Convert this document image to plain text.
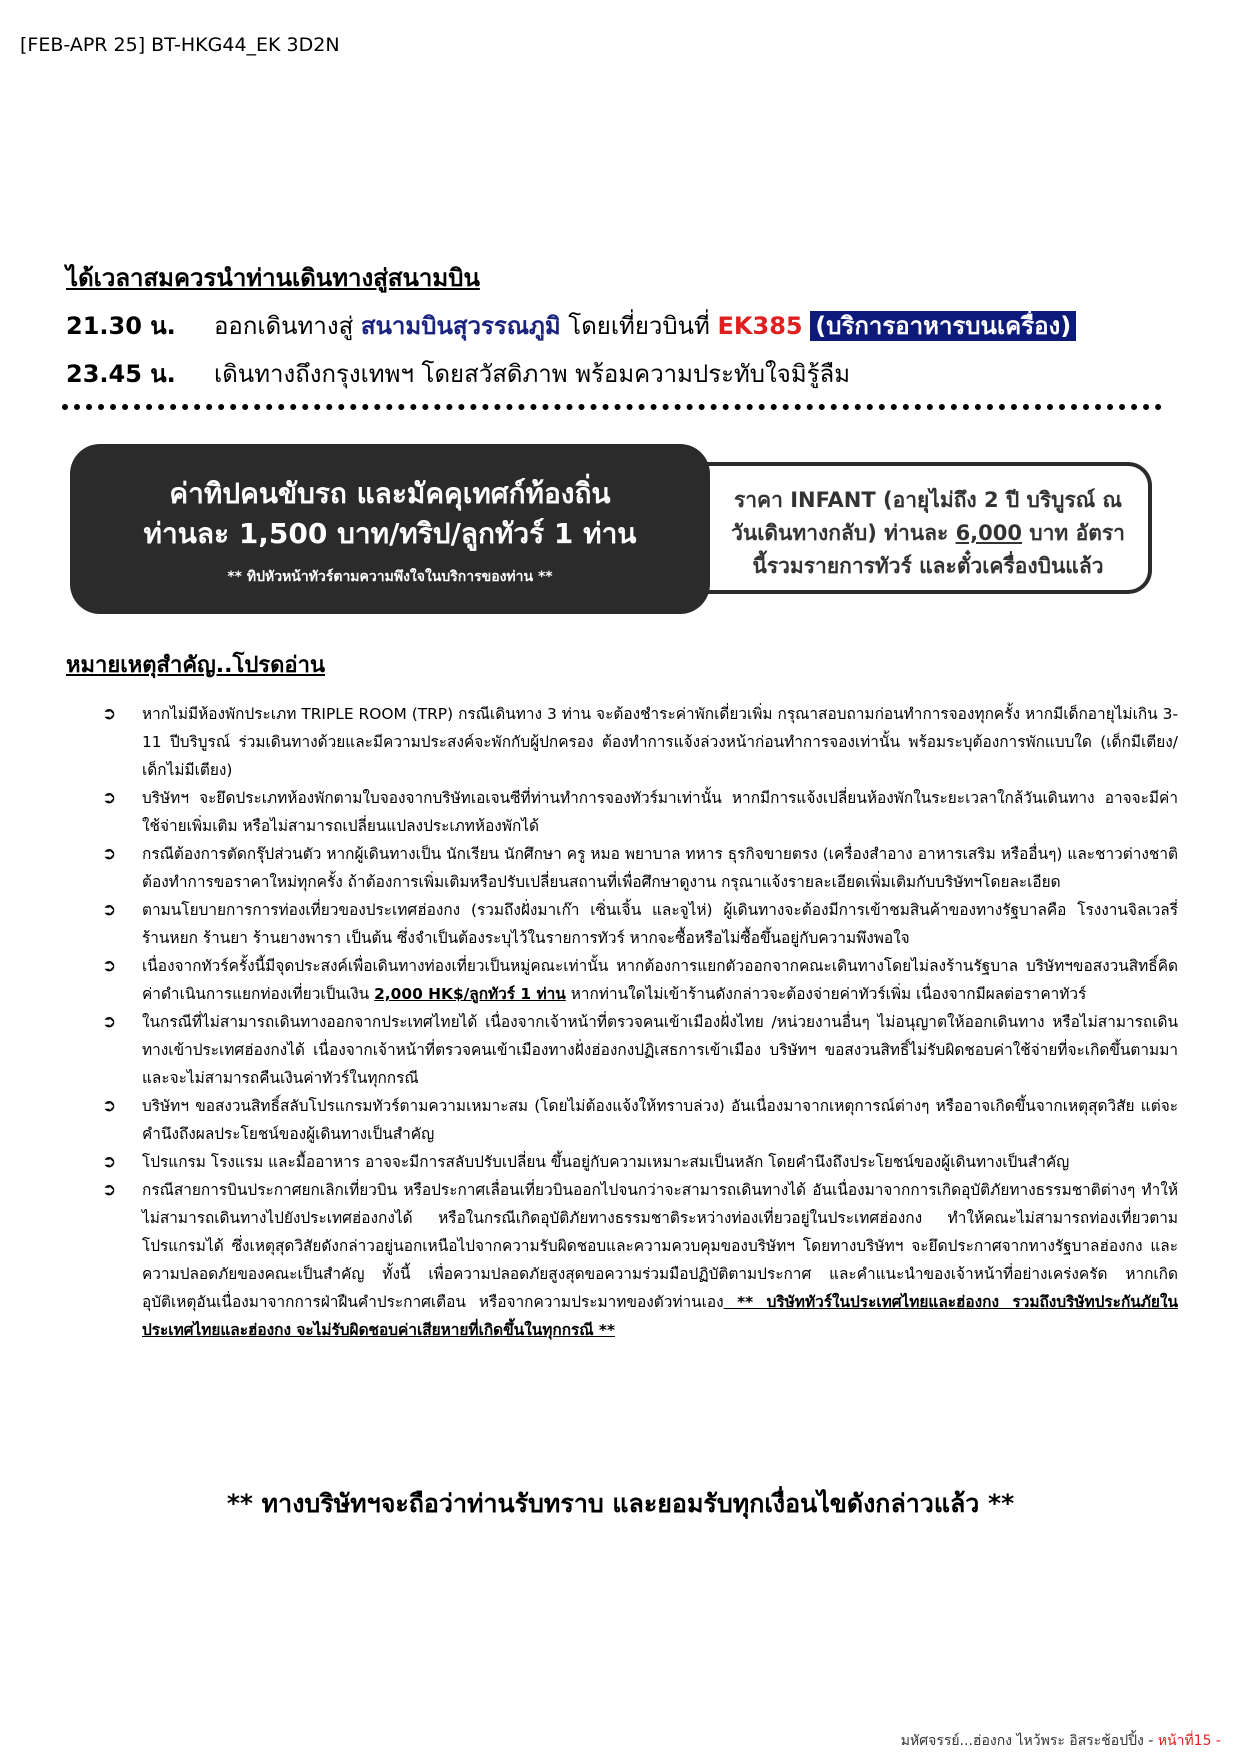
[FEB-APR 25] BT-HKG44_EK 3D2N
ได้เวลาสมควรนำท่านเดินทางสู่สนามบิน
21.30 น.	ออกเดินทางสู่ สนามบินสุวรรณภูมิ โดยเที่ยวบินที่ EK385 (บริการอาหารบนเครื่อง)
23.45 น.	เดินทางถึงกรุงเทพฯ โดยสวัสดิภาพ พร้อมความประทับใจมิรู้ลืม
ค่าทิปคนขับรถ และมัคคุเทศก์ท้องถิ่น
ท่านละ 1,500 บาท/ทริป/ลูกทัวร์ 1 ท่าน
** ทิปหัวหน้าทัวร์ตามความพึงใจในบริการของท่าน **
ราคา INFANT (อายุไม่ถึง 2 ปี บริบูรณ์ ณ
วันเดินทางกลับ) ท่านละ 6,000 บาท อัตรา
นี้รวมรายการทัวร์ และตั๋วเครื่องบินแล้ว
หมายเหตุสำคัญ..โปรดอ่าน
➲ หากไม่มีห้องพักประเภท TRIPLE ROOM (TRP) กรณีเดินทาง 3 ท่าน จะต้องชำระค่าพักเดี่ยวเพิ่ม กรุณาสอบถามก่อนทำการจองทุกครั้ง หากมีเด็กอายุไม่เกิน 3- 11 ปีบริบูรณ์ ร่วมเดินทางด้วยและมีความประสงค์จะพักกับผู้ปกครอง ต้องทำการแจ้งล่วงหน้าก่อนทำการจองเท่านั้น พร้อมระบุต้องการพักแบบใด (เด็กมีเตียง/เด็กไม่มีเตียง)
➲ บริษัทฯ จะยึดประเภทห้องพักตามใบจองจากบริษัทเอเจนซีที่ท่านทำการจองทัวร์มาเท่านั้น หากมีการแจ้งเปลี่ยนห้องพักในระยะเวลาใกล้วันเดินทาง อาจจะมีค่าใช้จ่ายเพิ่มเติม หรือไม่สามารถเปลี่ยนแปลงประเภทห้องพักได้
➲ กรณีต้องการตัดกรุ๊ปส่วนตัว หากผู้เดินทางเป็น นักเรียน นักศึกษา ครู หมอ พยาบาล ทหาร ธุรกิจขายตรง (เครื่องสำอาง อาหารเสริม หรืออื่นๆ) และชาวต่างชาติ ต้องทำการขอราคาใหม่ทุกครั้ง ถ้าต้องการเพิ่มเติมหรือปรับเปลี่ยนสถานที่เพื่อศึกษาดูงาน กรุณาแจ้งรายละเอียดเพิ่มเติมกับบริษัทฯโดยละเอียด
➲ ตามนโยบายการการท่องเที่ยวของประเทศฮ่องกง (รวมถึงฝั่งมาเก๊า เซิ่นเจิ้น และจูไห่) ผู้เดินทางจะต้องมีการเข้าชมสินค้าของทางรัฐบาลคือ โรงงานจิลเวลรี่ ร้านหยก ร้านยา ร้านยางพารา เป็นต้น ซึ่งจำเป็นต้องระบุไว้ในรายการทัวร์ หากจะซื้อหรือไม่ซื้อขึ้นอยู่กับความพึงพอใจ
➲ เนื่องจากทัวร์ครั้งนี้มีจุดประสงค์เพื่อเดินทางท่องเที่ยวเป็นหมู่คณะเท่านั้น หากต้องการแยกตัวออกจากคณะเดินทางโดยไม่ลงร้านรัฐบาล บริษัทฯขอสงวนสิทธิ์คิดค่าดำเนินการแยกท่องเที่ยวเป็นเงิน 2,000 HK$/ลูกทัวร์ 1 ท่าน หากท่านใดไม่เข้าร้านดังกล่าวจะต้องจ่ายค่าทัวร์เพิ่ม เนื่องจากมีผลต่อราคาทัวร์
➲ ในกรณีที่ไม่สามารถเดินทางออกจากประเทศไทยได้ เนื่องจากเจ้าหน้าที่ตรวจคนเข้าเมืองฝั่งไทย /หน่วยงานอื่นๆ ไม่อนุญาตให้ออกเดินทาง หรือไม่สามารถเดินทางเข้าประเทศฮ่องกงได้ เนื่องจากเจ้าหน้าที่ตรวจคนเข้าเมืองทางฝั่งฮ่องกงปฏิเสธการเข้าเมือง บริษัทฯ ขอสงวนสิทธิ์ไม่รับผิดชอบค่าใช้จ่ายที่จะเกิดขึ้นตามมา และจะไม่สามารถคืนเงินค่าทัวร์ในทุกกรณี
➲ บริษัทฯ ขอสงวนสิทธิ์สลับโปรแกรมทัวร์ตามความเหมาะสม (โดยไม่ต้องแจ้งให้ทราบล่วง) อันเนื่องมาจากเหตุการณ์ต่างๆ หรืออาจเกิดขึ้นจากเหตุสุดวิสัย แต่จะคำนึงถึงผลประโยชน์ของผู้เดินทางเป็นสำคัญ
➲ โปรแกรม โรงแรม และมื้ออาหาร อาจจะมีการสลับปรับเปลี่ยน ขึ้นอยู่กับความเหมาะสมเป็นหลัก โดยคำนึงถึงประโยชน์ของผู้เดินทางเป็นสำคัญ
➲ กรณีสายการบินประกาศยกเลิกเที่ยวบิน หรือประกาศเลื่อนเที่ยวบินออกไปจนกว่าจะสามารถเดินทางได้ อันเนื่องมาจากการเกิดอุบัติภัยทางธรรมชาติต่างๆ ทำให้ไม่สามารถเดินทางไปยังประเทศฮ่องกงได้ หรือในกรณีเกิดอุบัติภัยทางธรรมชาติระหว่างท่องเที่ยวอยู่ในประเทศฮ่องกง ทำให้คณะไม่สามารถท่องเที่ยวตามโปรแกรมได้ ซึ่งเหตุสุดวิสัยดังกล่าวอยู่นอกเหนือไปจากความรับผิดชอบและความควบคุมของบริษัทฯ โดยทางบริษัทฯ จะยึดประกาศจากทางรัฐบาลฮ่องกง และความปลอดภัยของคณะเป็นสำคัญ ทั้งนี้ เพื่อความปลอดภัยสูงสุดขอความร่วมมือปฏิบัติตามประกาศ และคำแนะนำของเจ้าหน้าที่อย่างเคร่งครัด หากเกิดอุบัติเหตุอันเนื่องมาจากการฝ่าฝืนคำประกาศเตือน หรือจากความประมาทของตัวท่านเอง ** บริษัททัวร์ในประเทศไทยและฮ่องกง รวมถึงบริษัทประกันภัยในประเทศไทยและฮ่องกง จะไม่รับผิดชอบค่าเสียหายที่เกิดขึ้นในทุกกรณี **
** ทางบริษัทฯจะถือว่าท่านรับทราบ และยอมรับทุกเงื่อนไขดังกล่าวแล้ว **
มหัศจรรย์...ฮ่องกง ไหว้พระ อิสระช้อปปิ้ง - หน้าที่15 -
